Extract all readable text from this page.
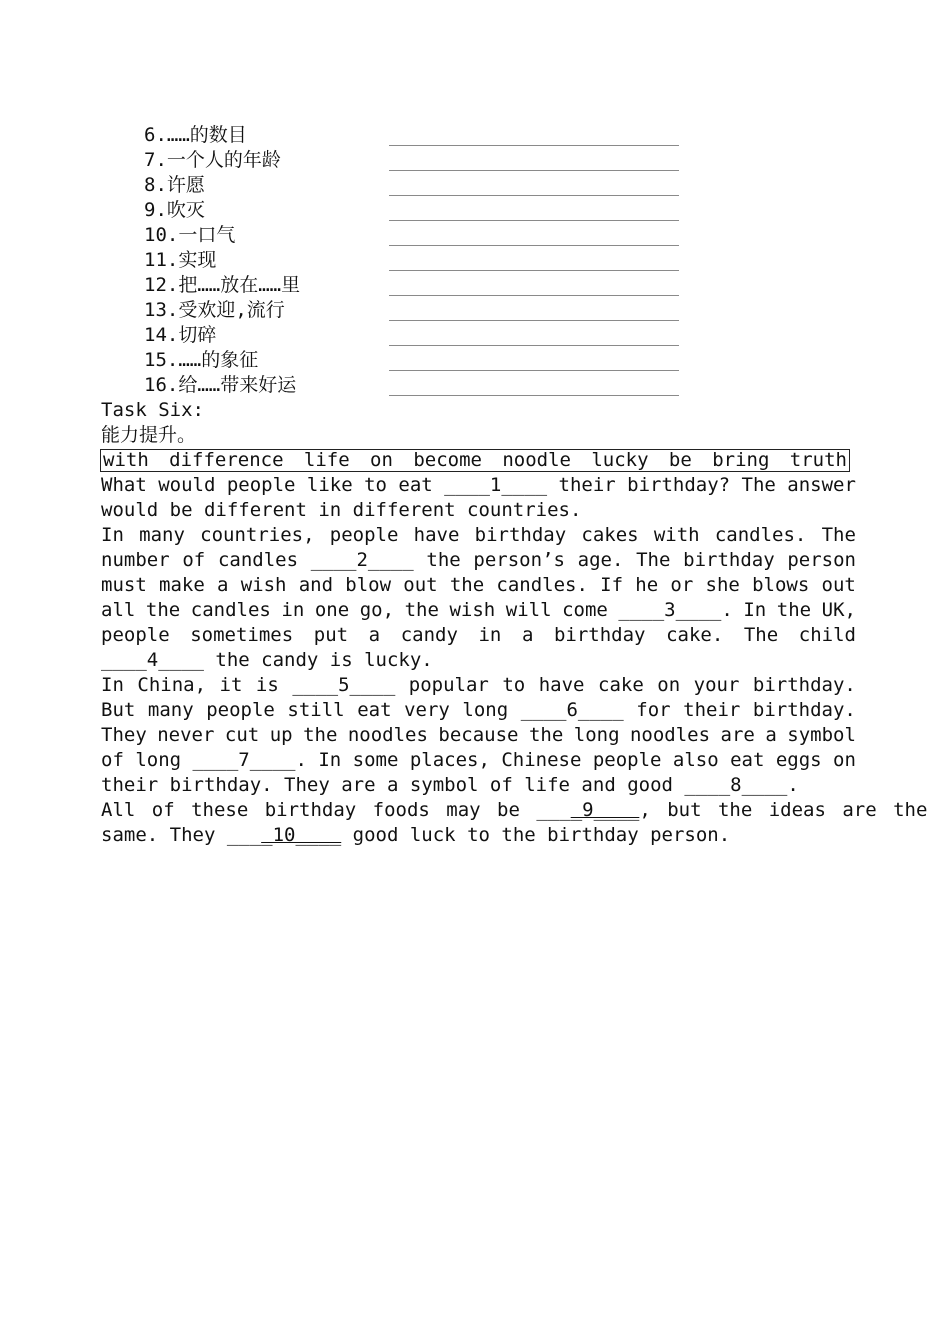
6.……的数目
7.一个人的年龄
8.许愿
9.吹灭
10.一口气
11.实现
12.把……放在……里
13.受欢迎,流行
14.切碎
15.……的象征
16.给……带来好运
Task Six:
能力提升。
with difference life on become noodle lucky be bring truth
What would people like to eat ____1____ their birthday? The answer
would be different in different countries.
In many countries, people have birthday cakes with candles. The
number of candles ____2____ the person’s age. The birthday person
must make a wish and blow out the candles. If he or she blows out
all the candles in one go, the wish will come ____3____. In the UK,
people sometimes put a candy in a birthday cake. The child
____4____ the candy is lucky.
In China, it is ____5____ popular to have cake on your birthday.
But many people still eat very long ____6____ for their birthday.
They never cut up the noodles because the long noodles are a symbol
of long ____7____. In some places, Chinese people also eat eggs on
their birthday. They are a symbol of life and good ____8____.
All of these birthday foods may be ____9____, but the ideas are the
same. They ____10____ good luck to the birthday person.
